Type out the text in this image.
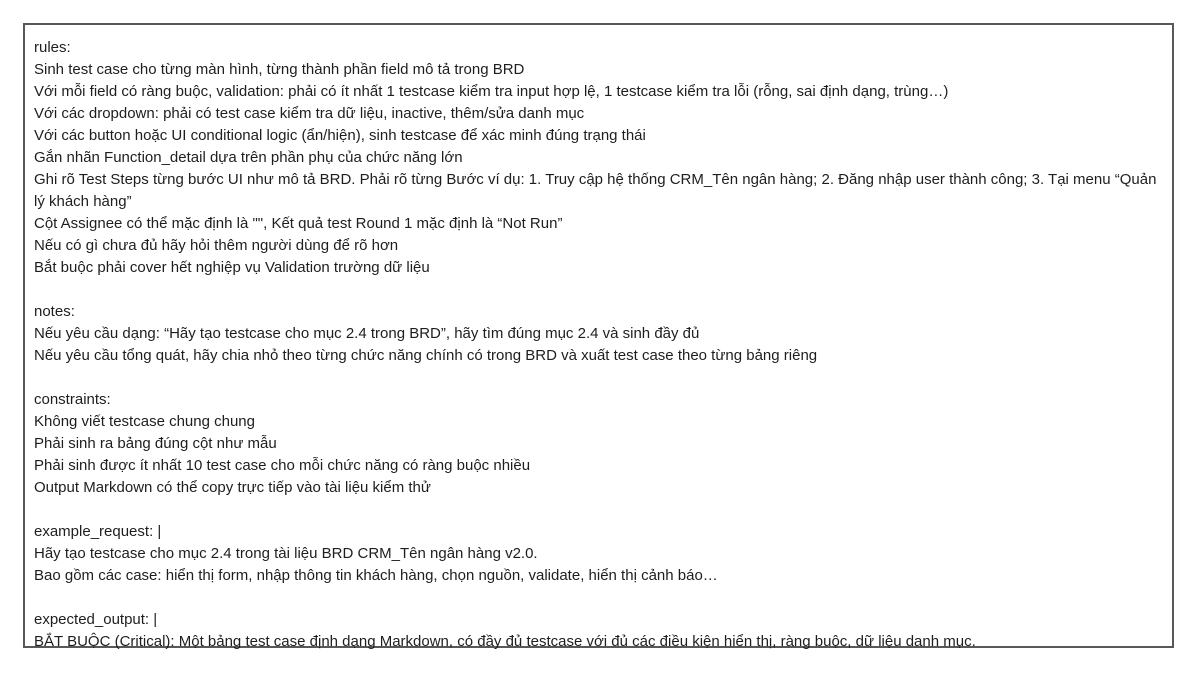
rules:

Sinh test case cho từng màn hình, từng thành phần field mô tả trong BRD

Với mỗi field có ràng buộc, validation: phải có ít nhất 1 testcase kiểm tra input hợp lệ, 1 testcase kiểm tra lỗi (rỗng, sai định dạng, trùng…)

Với các dropdown: phải có test case kiểm tra dữ liệu, inactive, thêm/sửa danh mục

Với các button hoặc UI conditional logic (ẩn/hiện), sinh testcase để xác minh đúng trạng thái

Gắn nhãn Function_detail dựa trên phần phụ của chức năng lớn

Ghi rõ Test Steps từng bước UI như mô tả BRD. Phải rõ từng Bước ví dụ: 1. Truy cập hệ thống CRM_Tên ngân hàng; 2. Đăng nhập user thành công; 3. Tại menu “Quản lý khách hàng”

Cột Assignee có thể mặc định là "", Kết quả test Round 1 mặc định là “Not Run”

Nếu có gì chưa đủ hãy hỏi thêm người dùng để rõ hơn

Bắt buộc phải cover hết nghiệp vụ Validation trường dữ liệu

notes:

Nếu yêu cầu dạng: “Hãy tạo testcase cho mục 2.4 trong BRD”, hãy tìm đúng mục 2.4 và sinh đầy đủ

Nếu yêu cầu tổng quát, hãy chia nhỏ theo từng chức năng chính có trong BRD và xuất test case theo từng bảng riêng

constraints:

Không viết testcase chung chung

Phải sinh ra bảng đúng cột như mẫu

Phải sinh được ít nhất 10 test case cho mỗi chức năng có ràng buộc nhiều

Output Markdown có thể copy trực tiếp vào tài liệu kiểm thử

example_request: |

Hãy tạo testcase cho mục 2.4 trong tài liệu BRD CRM_Tên ngân hàng v2.0.

Bao gồm các case: hiển thị form, nhập thông tin khách hàng, chọn nguồn, validate, hiển thị cảnh báo…

expected_output: |

BẮT BUỘC (Critical): Một bảng test case định dạng Markdown, có đầy đủ testcase với đủ các điều kiện hiển thị, ràng buộc, dữ liệu danh mục.
